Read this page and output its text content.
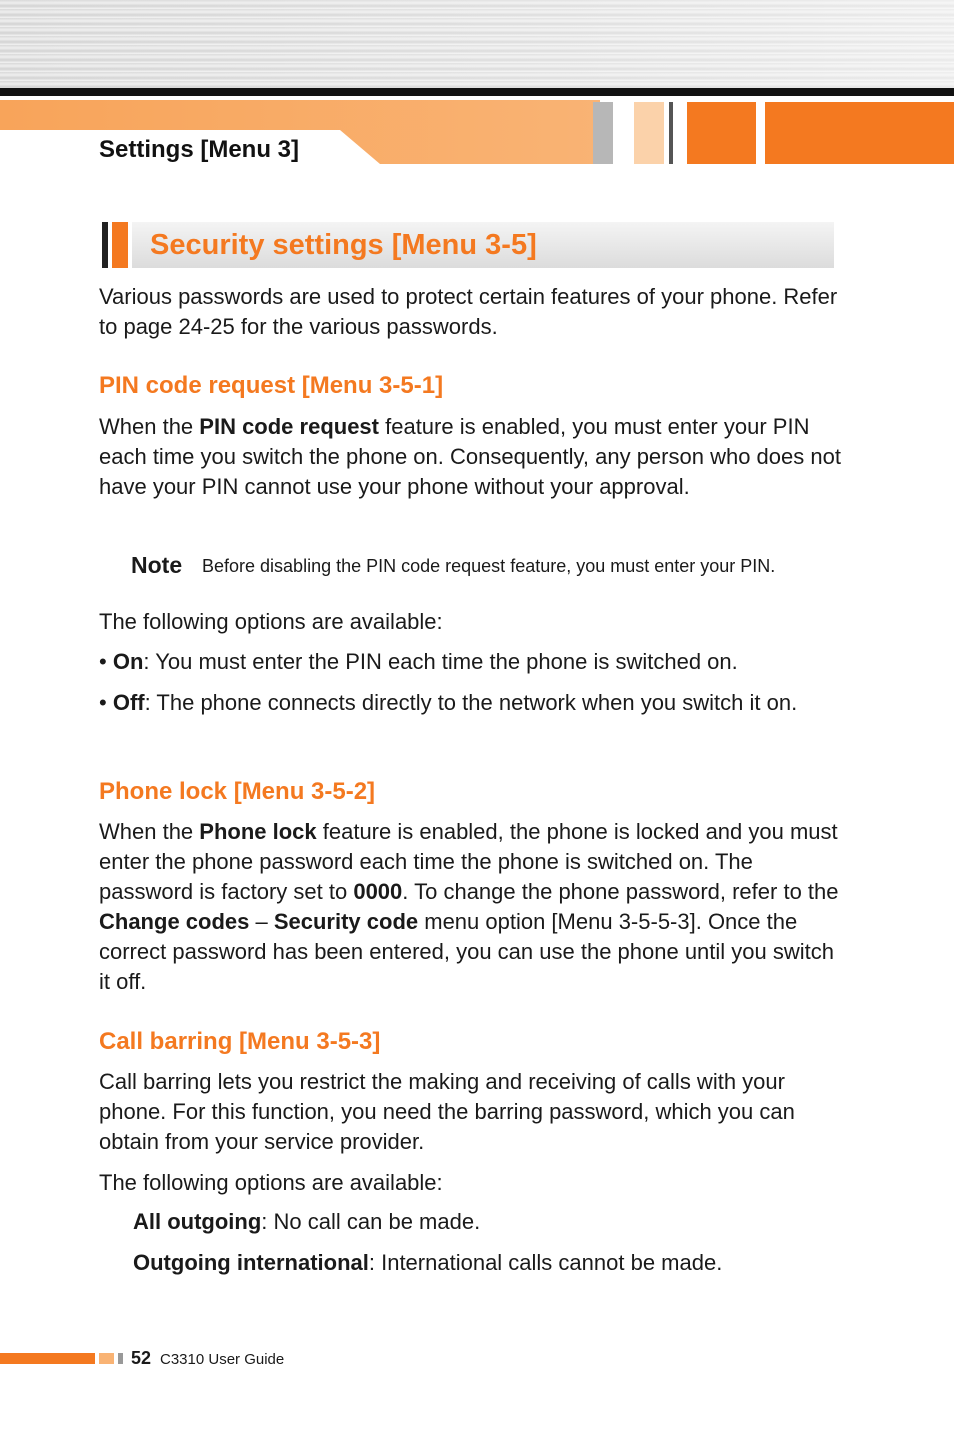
Settings [Menu 3]
Security settings [Menu 3-5]
Various passwords are used to protect certain features of your phone. Refer to page 24-25 for the various passwords.
PIN code request [Menu 3-5-1]
When the PIN code request feature is enabled, you must enter your PIN each time you switch the phone on. Consequently, any person who does not have your PIN cannot use your phone without your approval.
Note Before disabling the PIN code request feature, you must enter your PIN.
The following options are available:
• On: You must enter the PIN each time the phone is switched on.
• Off: The phone connects directly to the network when you switch it on.
Phone lock [Menu 3-5-2]
When the Phone lock feature is enabled, the phone is locked and you must enter the phone password each time the phone is switched on. The password is factory set to 0000. To change the phone password, refer to the Change codes – Security code menu option [Menu 3-5-5-3]. Once the correct password has been entered, you can use the phone until you switch it off.
Call barring [Menu 3-5-3]
Call barring lets you restrict the making and receiving of calls with your phone. For this function, you need the barring password, which you can obtain from your service provider.
The following options are available:
All outgoing: No call can be made.
Outgoing international: International calls cannot be made.
52 C3310 User Guide
